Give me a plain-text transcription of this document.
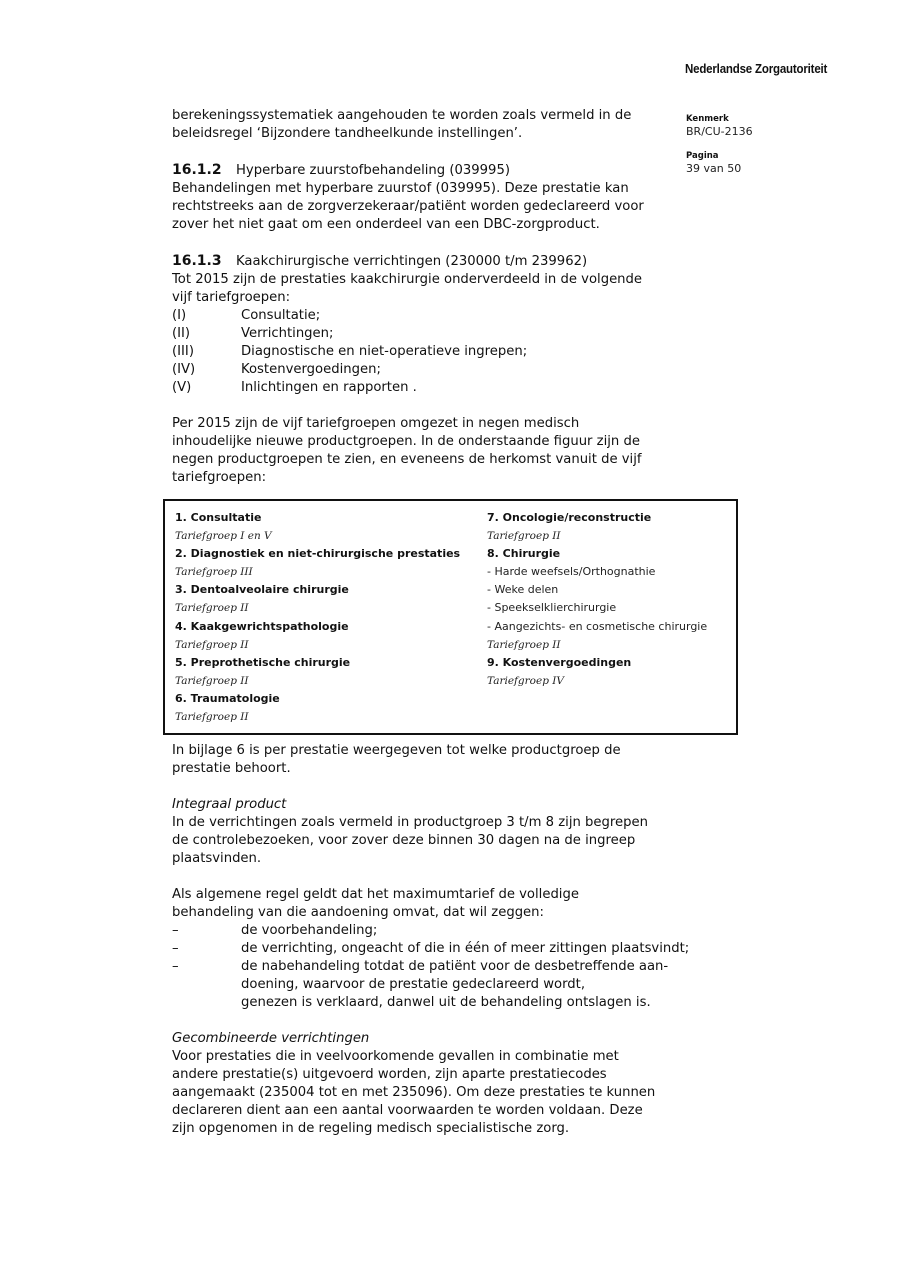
Nederlandse Zorgautoriteit
Kenmerk
BR/CU-2136
Pagina
39 van 50

berekeningssystematiek aangehouden te worden zoals vermeld in de

beleidsregel ‘Bijzondere tandheelkunde instellingen’.

16.1.2 Hyperbare zuurstofbehandeling (039995)

Behandelingen met hyperbare zuurstof (039995). Deze prestatie kan

rechtstreeks aan de zorgverzekeraar/patiënt worden gedeclareerd voor

zover het niet gaat om een onderdeel van een DBC-zorgproduct.

16.1.3 Kaakchirurgische verrichtingen (230000 t/m 239962)

Tot 2015 zijn de prestaties kaakchirurgie onderverdeeld in de volgende

vijf tariefgroepen:

(I)	Consultatie;
(II)	Verrichtingen;
(III)	Diagnostische en niet-operatieve ingrepen;
(IV)	Kostenvergoedingen;
(V)	Inlichtingen en rapporten .

Per 2015 zijn de vijf tariefgroepen omgezet in negen medisch

inhoudelijke nieuwe productgroepen. In de onderstaande figuur zijn de

negen productgroepen te zien, en eveneens de herkomst vanuit de vijf

tariefgroepen:

1. Consultatie
Tariefgroep I en V
2. Diagnostiek en niet-chirurgische prestaties
Tariefgroep III
3. Dentoalveolaire chirurgie
Tariefgroep II
4. Kaakgewrichtspathologie
Tariefgroep II
5. Preprothetische chirurgie
Tariefgroep II
6. Traumatologie
Tariefgroep II
7. Oncologie/reconstructie
Tariefgroep II
8. Chirurgie
- Harde weefsels/Orthognathie
- Weke delen
- Speekselklierchirurgie
- Aangezichts- en cosmetische chirurgie
Tariefgroep II
9. Kostenvergoedingen
Tariefgroep IV

In bijlage 6 is per prestatie weergegeven tot welke productgroep de

prestatie behoort.

Integraal product

In de verrichtingen zoals vermeld in productgroep 3 t/m 8 zijn begrepen

de controlebezoeken, voor zover deze binnen 30 dagen na de ingreep

plaatsvinden.

Als algemene regel geldt dat het maximumtarief de volledige

behandeling van die aandoening omvat, dat wil zeggen:

–	de voorbehandeling;
–	de verrichting, ongeacht of die in één of meer zittingen plaatsvindt;
–	de nabehandeling totdat de patiënt voor de desbetreffende aan-
doening, waarvoor de prestatie gedeclareerd wordt,
genezen is verklaard, danwel uit de behandeling ontslagen is.

Gecombineerde verrichtingen

Voor prestaties die in veelvoorkomende gevallen in combinatie met

andere prestatie(s) uitgevoerd worden, zijn aparte prestatiecodes

aangemaakt (235004 tot en met 235096). Om deze prestaties te kunnen

declareren dient aan een aantal voorwaarden te worden voldaan. Deze

zijn opgenomen in de regeling medisch specialistische zorg.
